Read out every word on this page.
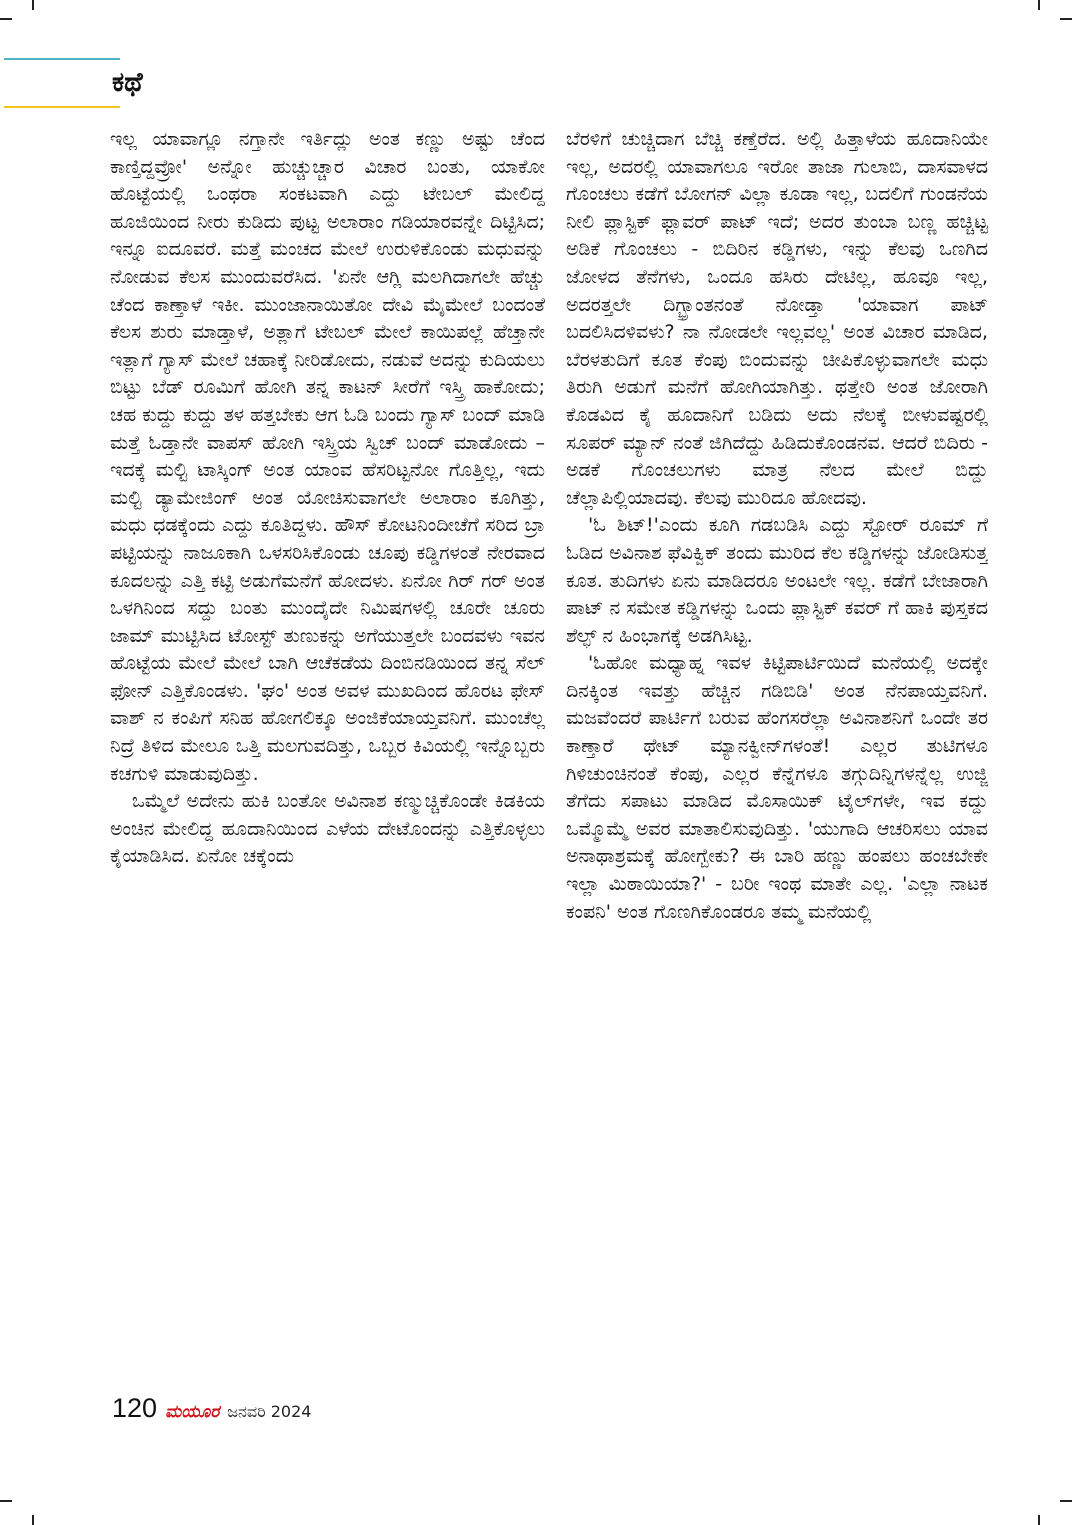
ಕಥೆ

ಇಲ್ಲ ಯಾವಾಗ್ಲೂ ನಗ್ತಾನೇ ಇರ್ತಿದ್ಲು ಅಂತ ಕಣ್ಣು ಅಷ್ಟು ಚೆಂದ ಕಾಣ್ತಿದ್ದವ್ರೋ' ಅನ್ನೋ ಹುಚ್ಚುಚ್ಚಾರ ವಿಚಾರ ಬಂತು, ಯಾಕೋ ಹೊಟ್ಟೆಯಲ್ಲಿ ಒಂಥರಾ ಸಂಕಟವಾಗಿ ಎದ್ದು ಟೇಬಲ್ ಮೇಲಿದ್ದ ಹೂಜಿಯಿಂದ ನೀರು ಕುಡಿದು ಪುಟ್ಟ ಅಲಾರಾಂ ಗಡಿಯಾರವನ್ನೇ ದಿಟ್ಟಿಸಿದ; ಇನ್ನೂ ಐದೂವರೆ. ಮತ್ತೆ ಮಂಚದ ಮೇಲೆ ಉರುಳಿಕೊಂಡು ಮಧುವನ್ನು ನೋಡುವ ಕೆಲಸ ಮುಂದುವರೆಸಿದ. 'ಏನೇ ಆಗ್ಲಿ ಮಲಗಿದಾಗಲೇ ಹೆಚ್ಚು ಚೆಂದ ಕಾಣ್ತಾಳೆ ಇಕೀ. ಮುಂಜಾನಾಯಿತೋ ದೇವಿ ಮೈಮೇಲೆ ಬಂದಂತೆ ಕೆಲಸ ಶುರು ಮಾಡ್ತಾಳೆ, ಅತ್ಲಾಗೆ ಟೇಬಲ್ ಮೇಲೆ ಕಾಯಿಪಲ್ಲೆ ಹೆಚ್ತಾನೇ ಇತ್ಲಾಗೆ ಗ್ಯಾಸ್ ಮೇಲೆ ಚಹಾಕ್ಕೆ ನೀರಿಡೋದು, ನಡುವೆ ಅದನ್ನು ಕುದಿಯಲು ಬಿಟ್ಟು ಬೆಡ್ ರೂಮಿಗೆ ಹೋಗಿ ತನ್ನ ಕಾಟನ್ ಸೀರೆಗೆ ಇಸ್ತ್ರಿ ಹಾಕೋದು; ಚಹ ಕುದ್ದು ಕುದ್ದು ತಳ ಹತ್ತಬೇಕು ಆಗ ಓಡಿ ಬಂದು ಗ್ಯಾಸ್ ಬಂದ್ ಮಾಡಿ ಮತ್ತೆ ಓಡ್ತಾನೇ ವಾಪಸ್ ಹೋಗಿ ಇಸ್ತ್ರಿಯ ಸ್ವಿಚ್ ಬಂದ್ ಮಾಡೋದು – ಇದಕ್ಕೆ ಮಲ್ಟಿ ಟಾಸ್ಕಿಂಗ್ ಅಂತ ಯಾಂವ ಹೆಸರಿಟ್ಟನೋ ಗೊತ್ತಿಲ್ಲ, ಇದು ಮಲ್ಟಿ ಡ್ಯಾಮೇಜಿಂಗ್ ಅಂತ ಯೋಚಿಸುವಾಗಲೇ ಅಲಾರಾಂ ಕೂಗಿತ್ತು, ಮಧು ಧಡಕ್ಕೆಂದು ಎದ್ದು ಕೂತಿದ್ದಳು. ಹೌಸ್ ಕೋಟನಿಂದೀಚೆಗೆ ಸರಿದ ಬ್ರಾ ಪಟ್ಟಿಯನ್ನು ನಾಜೂಕಾಗಿ ಒಳಸರಿಸಿಕೊಂಡು ಚೂಪು ಕಡ್ಡಿಗಳಂತೆ ನೇರವಾದ ಕೂದಲನ್ನು ಎತ್ತಿ ಕಟ್ಟಿ ಅಡುಗೆಮನೆಗೆ ಹೋದಳು. ಏನೋ ಗಿರ್ ಗರ್ ಅಂತ ಒಳಗಿನಿಂದ ಸದ್ದು ಬಂತು ಮುಂದೈದೇ ನಿಮಿಷಗಳಲ್ಲಿ ಚೂರೇ ಚೂರು ಜಾಮ್ ಮುಟ್ಟಿಸಿದ ಟೋಸ್ಟ್ ತುಣುಕನ್ನು ಅಗೆಯುತ್ತಲೇ ಬಂದವಳು ಇವನ ಹೊಟ್ಟೆಯ ಮೇಲೆ ಮೇಲೆ ಬಾಗಿ ಆಚೆಕಡೆಯ ದಿಂಬಿನಡಿಯಿಂದ ತನ್ನ ಸೆಲ್ ಫೋನ್ ಎತ್ತಿಕೊಂಡಳು. 'ಘಂ' ಅಂತ ಅವಳ ಮುಖದಿಂದ ಹೊರಟ ಫೇಸ್ ವಾಶ್ ನ ಕಂಪಿಗೆ ಸನಿಹ ಹೋಗಲಿಕ್ಕೂ ಅಂಜಿಕೆಯಾಯ್ತವನಿಗೆ. ಮುಂಚೆಲ್ಲ ನಿದ್ರೆ ತಿಳಿದ ಮೇಲೂ ಒತ್ತಿ ಮಲಗುವದಿತ್ತು, ಒಬ್ಬರ ಕಿವಿಯಲ್ಲಿ ಇನ್ನೊಬ್ಬರು ಕಚಗುಳಿ ಮಾಡುವುದಿತ್ತು.

ಒಮ್ಮೆಲೆ ಅದೇನು ಹುಕಿ ಬಂತೋ ಅವಿನಾಶ ಕಣ್ಮುಚ್ಚಿಕೊಂಡೇ ಕಿಡಕಿಯ ಅಂಚಿನ ಮೇಲಿದ್ದ ಹೂದಾನಿಯಿಂದ ಎಳೆಯ ದೇಟೊಂದನ್ನು ಎತ್ತಿಕೊಳ್ಳಲು ಕೈಯಾಡಿಸಿದ. ಏನೋ ಚಕ್ಕೆಂದು

ಬೆರಳಿಗೆ ಚುಚ್ಚಿದಾಗ ಬೆಚ್ಚಿ ಕಣ್ತೆರೆದ. ಅಲ್ಲಿ ಹಿತ್ತಾಳೆಯ ಹೂದಾನಿಯೇ ಇಲ್ಲ, ಅದರಲ್ಲಿ ಯಾವಾಗಲೂ ಇರೋ ತಾಜಾ ಗುಲಾಬಿ, ದಾಸವಾಳದ ಗೊಂಚಲು ಕಡೆಗೆ ಬೋಗನ್ ವಿಲ್ಲಾ ಕೂಡಾ ಇಲ್ಲ, ಬದಲಿಗೆ ಗುಂಡನೆಯ ನೀಲಿ ಪ್ಲಾಸ್ಟಿಕ್ ಫ್ಲಾವರ್ ಪಾಟ್ ಇದೆ; ಅದರ ತುಂಬಾ ಬಣ್ಣ ಹಚ್ಚಿಟ್ಟ ಅಡಿಕೆ ಗೊಂಚಲು - ಬಿದಿರಿನ ಕಡ್ಡಿಗಳು, ಇನ್ನು ಕೆಲವು ಒಣಗಿದ ಜೋಳದ ತೆನೆಗಳು, ಒಂದೂ ಹಸಿರು ದೇಟಿಲ್ಲ, ಹೂವೂ ಇಲ್ಲ, ಅದರತ್ತಲೇ ದಿಗ್ಭ್ರಾಂತನಂತೆ ನೋಡ್ತಾ 'ಯಾವಾಗ ಪಾಟ್ ಬದಲಿಸಿದಳಿವಳು? ನಾ ನೋಡಲೇ ಇಲ್ಲವಲ್ಲ' ಅಂತ ವಿಚಾರ ಮಾಡಿದ, ಬೆರಳತುದಿಗೆ ಕೂತ ಕೆಂಪು ಬಿಂದುವನ್ನು ಚೀಪಿಕೊಳ್ಳುವಾಗಲೇ ಮಧು ತಿರುಗಿ ಅಡುಗೆ ಮನೆಗೆ ಹೋಗಿಯಾಗಿತ್ತು. ಥತ್ತೇರಿ ಅಂತ ಜೋರಾಗಿ ಕೊಡವಿದ ಕೈ ಹೂದಾನಿಗೆ ಬಡಿದು ಅದು ನೆಲಕ್ಕೆ ಬೀಳುವಷ್ಟರಲ್ಲಿ ಸೂಪರ್ ಮ್ಯಾನ್ ನಂತೆ ಜಿಗಿದೆದ್ದು ಹಿಡಿದುಕೊಂಡನವ. ಆದರೆ ಬಿದಿರು - ಅಡಕೆ ಗೊಂಚಲುಗಳು ಮಾತ್ರ ನೆಲದ ಮೇಲೆ ಬಿದ್ದು ಚೆಲ್ಲಾಪಿಲ್ಲಿಯಾದವು. ಕೆಲವು ಮುರಿದೂ ಹೋದವು.

'ಓ ಶಿಟ್!'ಎಂದು ಕೂಗಿ ಗಡಬಡಿಸಿ ಎದ್ದು ಸ್ಟೋರ್ ರೂಮ್ ಗೆ ಓಡಿದ ಅವಿನಾಶ ಫೆವಿಕ್ವಿಕ್ ತಂದು ಮುರಿದ ಕೆಲ ಕಡ್ಡಿಗಳನ್ನು ಜೋಡಿಸುತ್ತ ಕೂತ. ತುದಿಗಳು ಏನು ಮಾಡಿದರೂ ಅಂಟಲೇ ಇಲ್ಲ. ಕಡೆಗೆ ಬೇಜಾರಾಗಿ ಪಾಟ್ ನ ಸಮೇತ ಕಡ್ಡಿಗಳನ್ನು ಒಂದು ಪ್ಲಾಸ್ಟಿಕ್ ಕವರ್ ಗೆ ಹಾಕಿ ಪುಸ್ತಕದ ಶೆಲ್ಫ್ ನ ಹಿಂಭಾಗಕ್ಕೆ ಅಡಗಿಸಿಟ್ಟ.

'ಓಹೋ ಮಧ್ಯಾಹ್ನ ಇವಳ ಕಿಟ್ಟಿಪಾರ್ಟಿಯಿದೆ ಮನೆಯಲ್ಲಿ ಅದಕ್ಕೇ ದಿನಕ್ಕಿಂತ ಇವತ್ತು ಹೆಚ್ಚಿನ ಗಡಿಬಿಡಿ' ಅಂತ ನೆನಪಾಯ್ತವನಿಗೆ. ಮಜವೆಂದರೆ ಪಾರ್ಟಿಗೆ ಬರುವ ಹೆಂಗಸರೆಲ್ಲಾ ಅವಿನಾಶನಿಗೆ ಒಂದೇ ತರ ಕಾಣ್ತಾರೆ ಥೇಟ್ ಮ್ಯಾನಕ್ವೀನ್‌ಗಳಂತೆ! ಎಲ್ಲರ ತುಟಿಗಳೂ ಗಿಳಿಚುಂಚಿನಂತೆ ಕೆಂಪು, ಎಲ್ಲರ ಕೆನ್ನೆಗಳೂ ತಗ್ಗುದಿನ್ನಿಗಳನ್ನೆಲ್ಲ ಉಜ್ಜಿ ತೆಗೆದು ಸಪಾಟು ಮಾಡಿದ ಮೊಸಾಯಿಕ್ ಟೈಲ್‌ಗಳೇ, ಇವ ಕದ್ದು ಒಮ್ಮೊಮ್ಮೆ ಅವರ ಮಾತಾಲಿಸುವುದಿತ್ತು. 'ಯುಗಾದಿ ಆಚರಿಸಲು ಯಾವ ಅನಾಥಾಶ್ರಮಕ್ಕೆ ಹೋಗ್ಬೇಕು? ಈ ಬಾರಿ ಹಣ್ಣು ಹಂಪಲು ಹಂಚಬೇಕೇ ಇಲ್ಲಾ ಮಿಠಾಯಿಯಾ?' - ಬರೀ ಇಂಥ ಮಾತೇ ಎಲ್ಲ. 'ಎಲ್ಲಾ ನಾಟಕ ಕಂಪನಿ' ಅಂತ ಗೊಣಗಿಕೊಂಡರೂ ತಮ್ಮ ಮನೆಯಲ್ಲಿ

120 ಮಯೂರ ಜನವರಿ 2024
